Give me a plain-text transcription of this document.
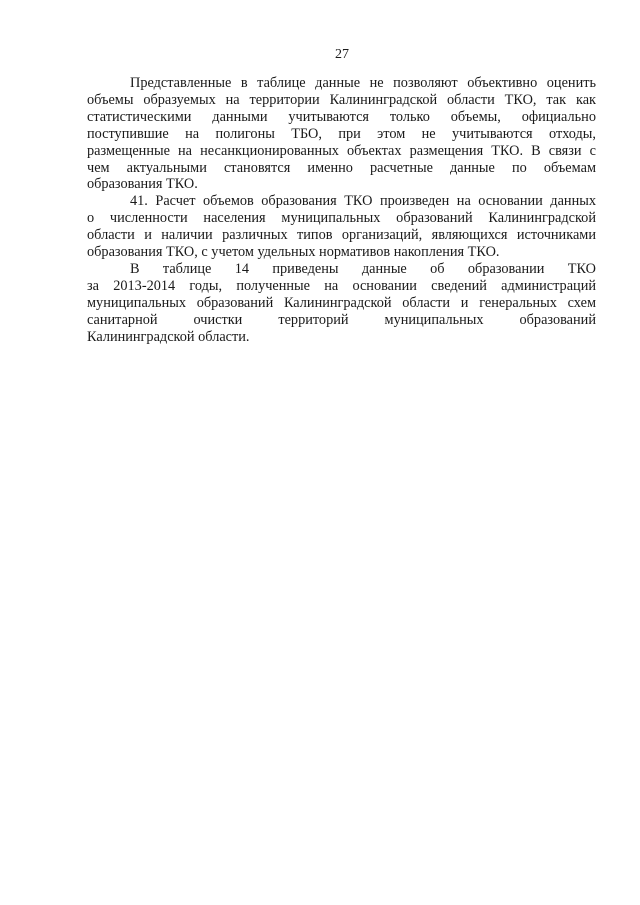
27
Представленные в таблице данные не позволяют объективно оценить
объемы образуемых на территории Калининградской области ТКО, так как
статистическими данными учитываются только объемы, официально
поступившие на полигоны ТБО, при этом не учитываются отходы,
размещенные на несанкционированных объектах размещения ТКО. В связи с
чем актуальными становятся именно расчетные данные по объемам
образования ТКО.
41. Расчет объемов образования ТКО произведен на основании данных
о численности населения муниципальных образований Калининградской
области и наличии различных типов организаций, являющихся источниками
образования ТКО, с учетом удельных нормативов накопления ТКО.
В таблице 14 приведены данные об образовании ТКО
за 2013-2014 годы, полученные на основании сведений администраций
муниципальных образований Калининградской области и генеральных схем
санитарной очистки территорий муниципальных образований
Калининградской области.
